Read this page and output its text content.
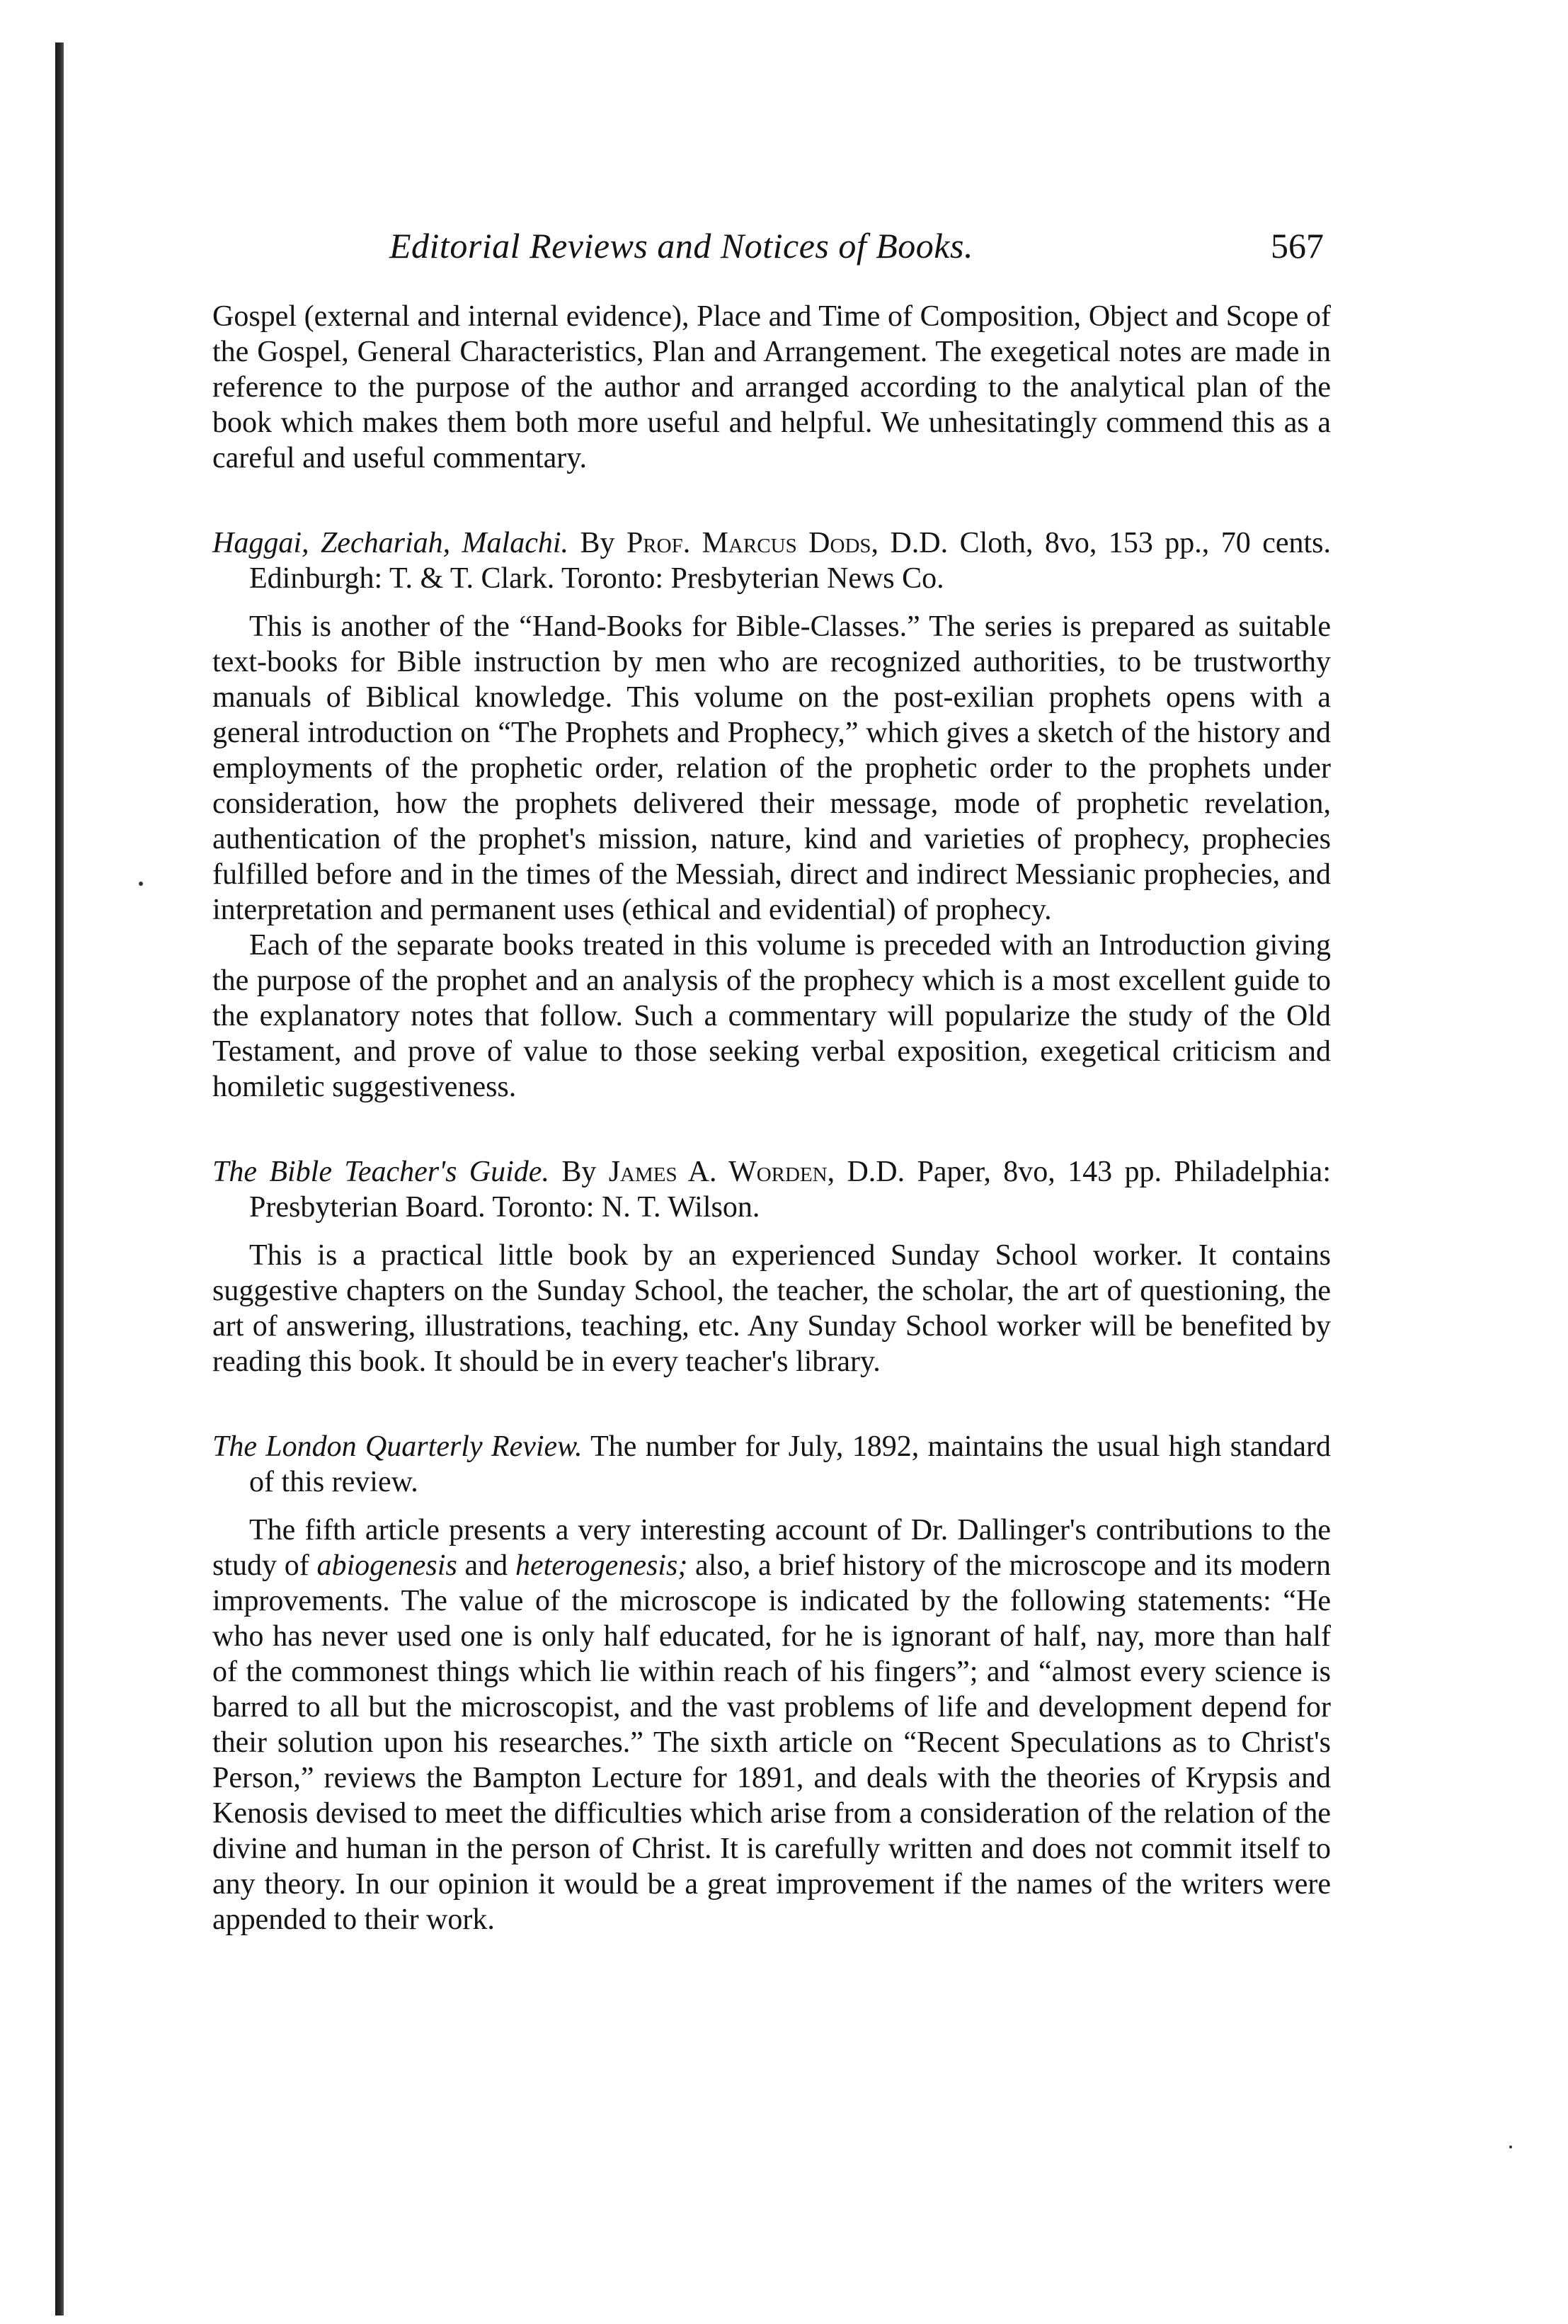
Editorial Reviews and Notices of Books.	567

Gospel (external and internal evidence), Place and Time of Composition, Object and Scope of the Gospel, General Characteristics, Plan and Arrangement. The exegetical notes are made in reference to the purpose of the author and arranged according to the analytical plan of the book which makes them both more useful and helpful. We unhesitatingly commend this as a careful and useful commentary.

Haggai, Zechariah, Malachi. By Prof. Marcus Dods, D.D. Cloth, 8vo, 153 pp., 70 cents. Edinburgh: T. & T. Clark. Toronto: Presbyterian News Co.

This is another of the “Hand-Books for Bible-Classes.” The series is prepared as suitable text-books for Bible instruction by men who are recognized authorities, to be trustworthy manuals of Biblical knowledge. This volume on the post-exilian prophets opens with a general introduction on “The Prophets and Prophecy,” which gives a sketch of the history and employments of the prophetic order, relation of the prophetic order to the prophets under consideration, how the prophets delivered their message, mode of prophetic revelation, authentication of the prophet's mission, nature, kind and varieties of prophecy, prophecies fulfilled before and in the times of the Messiah, direct and indirect Messianic prophecies, and interpretation and permanent uses (ethical and evidential) of prophecy.

Each of the separate books treated in this volume is preceded with an Introduction giving the purpose of the prophet and an analysis of the prophecy which is a most excellent guide to the explanatory notes that follow. Such a commentary will popularize the study of the Old Testament, and prove of value to those seeking verbal exposition, exegetical criticism and homiletic suggestiveness.

The Bible Teacher's Guide. By James A. Worden, D.D. Paper, 8vo, 143 pp. Philadelphia: Presbyterian Board. Toronto: N. T. Wilson.

This is a practical little book by an experienced Sunday School worker. It contains suggestive chapters on the Sunday School, the teacher, the scholar, the art of questioning, the art of answering, illustrations, teaching, etc. Any Sunday School worker will be benefited by reading this book. It should be in every teacher's library.

The London Quarterly Review. The number for July, 1892, maintains the usual high standard of this review.

The fifth article presents a very interesting account of Dr. Dallinger's contributions to the study of abiogenesis and heterogenesis; also, a brief history of the microscope and its modern improvements. The value of the microscope is indicated by the following statements: “He who has never used one is only half educated, for he is ignorant of half, nay, more than half of the commonest things which lie within reach of his fingers”; and “almost every science is barred to all but the microscopist, and the vast problems of life and development depend for their solution upon his researches.” The sixth article on “Recent Speculations as to Christ's Person,” reviews the Bampton Lecture for 1891, and deals with the theories of Krypsis and Kenosis devised to meet the difficulties which arise from a consideration of the relation of the divine and human in the person of Christ. It is carefully written and does not commit itself to any theory. In our opinion it would be a great improvement if the names of the writers were appended to their work.
